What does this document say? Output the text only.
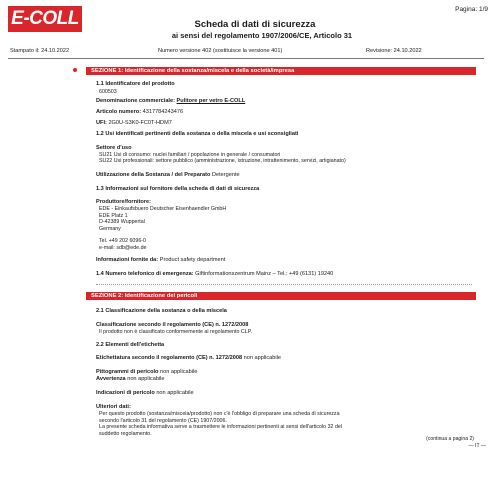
E-COLL	Pagina: 1/9
Scheda di dati di sicurezza
ai sensi del regolamento 1907/2006/CE, Articolo 31
Stampato il: 24.10.2022	Numero versione 402 (sostituisce la versione 401)	Revisione: 24.10.2022
SEZIONE 1: Identificazione della sostanza/miscela e della società/impresa
1.1 Identificatore del prodotto
600503
Denominazione commerciale: Pulitore per vetro E-COLL
Articolo numero: 4317784243476
UFI: 2G0U-S3K0-FC0T-HDM7
1.2 Usi identificati pertinenti della sostanza o della miscela e usi sconsigliati
Settore d'uso
SU21 Usi di consumo: nuclei familiari / popolazione in generale / consumatori
SU22 Usi professionali: settore pubblico (amministrazione, istruzione, intrattenimento, servizi, artigianato)
Utilizzazione della Sostanza / del Preparato Detergente
1.3 Informazioni sul fornitore della scheda di dati di sicurezza
Produttore/fornitore:
EDE - Einkaufsbuero Deutscher Eisenhaendler GmbH
EDE Platz 1
D-42389 Wuppertal
Germany
Tel. +49 202 6096-0
e-mail: sdb@ede.de
Informazioni fornite da: Product safety department
1.4 Numero telefonico di emergenza: Giftinformationszentrum Mainz – Tel.: +49 (6131) 19240
SEZIONE 2: Identificazione dei pericoli
2.1 Classificazione della sostanza o della miscela
Classificazione secondo il regolamento (CE) n. 1272/2008
Il prodotto non è classificato conformemente al regolamento CLP.
2.2 Elementi dell'etichetta
Etichettatura secondo il regolamento (CE) n. 1272/2008 non applicabile
Pittogrammi di pericolo non applicabile
Avvertenza non applicabile
Indicazioni di pericolo non applicabile
Ulteriori dati:
Per questo prodotto (sostanza/miscela/prodotto) non c'è l'obbligo di preparare una scheda di sicurezza
secondo l'articolo 31 del regolamento (CE) 1907/2006.
La presente scheda informativa serve a trasmettere le informazioni pertinenti ai sensi dell'articolo 32 del
suddetto regolamento.
(continua a pagina 2)
— IT —
